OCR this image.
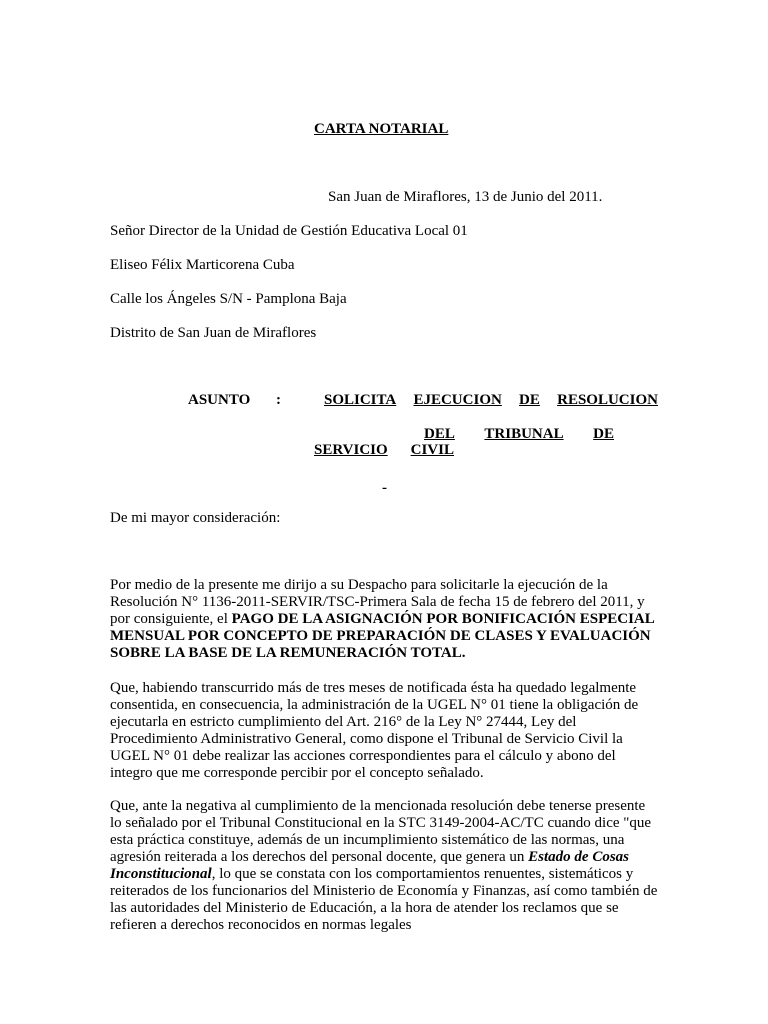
CARTA NOTARIAL
San Juan de Miraflores, 13 de Junio del 2011.
Señor Director de la Unidad de Gestión Educativa Local 01
Eliseo Félix Marticorena Cuba
Calle los Ángeles S/N - Pamplona Baja
Distrito de San Juan de Miraflores
ASUNTO :	SOLICITA EJECUCION DE RESOLUCION
DEL TRIBUNAL DE
SERVICIO CIVIL
-
De mi mayor consideración:

Por medio de la presente me dirijo a su Despacho para solicitarle la ejecución de la Resolución N° 1136-2011-SERVIR/TSC-Primera Sala de fecha 15 de febrero del 2011, y por consiguiente, el PAGO DE LA ASIGNACIÓN POR BONIFICACIÓN ESPECIAL MENSUAL POR CONCEPTO DE PREPARACIÓN DE CLASES Y EVALUACIÓN SOBRE LA BASE DE LA REMUNERACIÓN TOTAL.

Que, habiendo transcurrido más de tres meses de notificada ésta ha quedado legalmente consentida, en consecuencia, la administración de la UGEL N° 01 tiene la obligación de ejecutarla en estricto cumplimiento del Art. 216° de la Ley N° 27444, Ley del Procedimiento Administrativo General, como dispone el Tribunal de Servicio Civil la UGEL N° 01 debe realizar las acciones correspondientes para el cálculo y abono del integro que me corresponde percibir por el concepto señalado.

Que, ante la negativa al cumplimiento de la mencionada resolución debe tenerse presente lo señalado por el Tribunal Constitucional en la STC 3149-2004-AC/TC cuando dice "que esta práctica constituye, además de un incumplimiento sistemático de las normas, una agresión reiterada a los derechos del personal docente, que genera un Estado de Cosas Inconstitucional, lo que se constata con los comportamientos renuentes, sistemáticos y reiterados de los funcionarios del Ministerio de Economía y Finanzas, así como también de las autoridades del Ministerio de Educación, a la hora de atender los reclamos que se refieren a derechos reconocidos en normas legales
